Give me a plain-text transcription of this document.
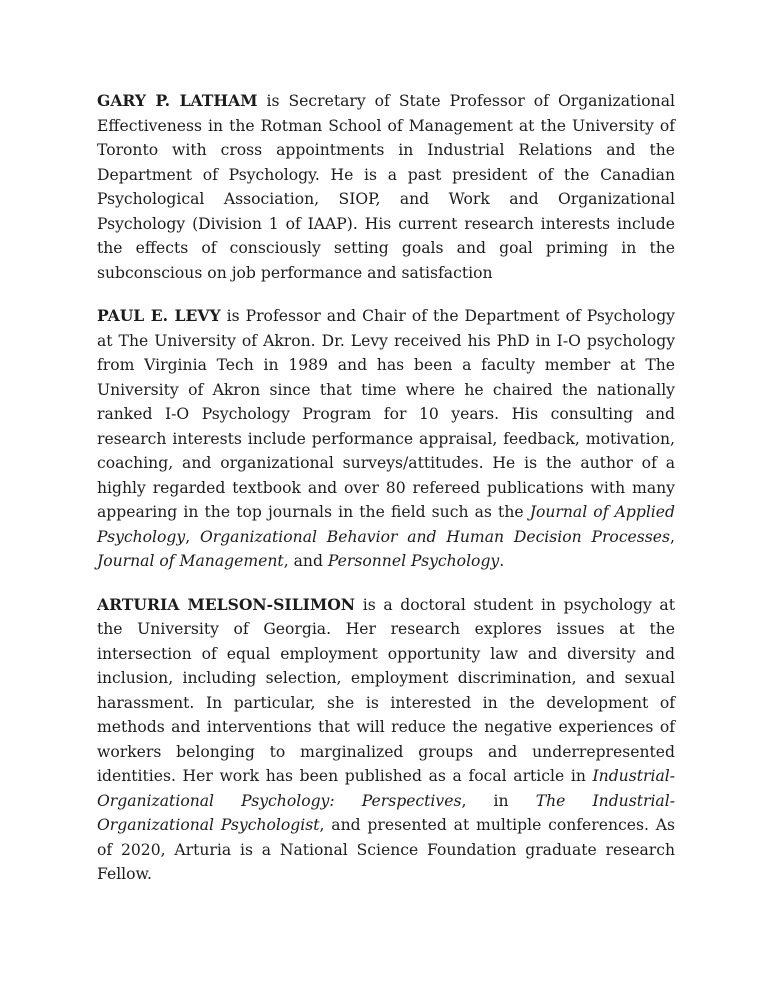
GARY P. LATHAM is Secretary of State Professor of Organizational Effectiveness in the Rotman School of Management at the University of Toronto with cross appointments in Industrial Relations and the Department of Psychology. He is a past president of the Canadian Psychological Association, SIOP, and Work and Organizational Psychology (Division 1 of IAAP). His current research interests include the effects of consciously setting goals and goal priming in the subconscious on job performance and satisfaction

PAUL E. LEVY is Professor and Chair of the Department of Psychology at The University of Akron. Dr. Levy received his PhD in I-O psychology from Virginia Tech in 1989 and has been a faculty member at The University of Akron since that time where he chaired the nationally ranked I-O Psychology Program for 10 years. His consulting and research interests include performance appraisal, feedback, motivation, coaching, and organizational surveys/attitudes. He is the author of a highly regarded textbook and over 80 refereed publications with many appearing in the top journals in the field such as the Journal of Applied Psychology, Organizational Behavior and Human Decision Processes, Journal of Management, and Personnel Psychology.

ARTURIA MELSON-SILIMON is a doctoral student in psychology at the University of Georgia. Her research explores issues at the intersection of equal employment opportunity law and diversity and inclusion, including selection, employment discrimination, and sexual harassment. In particular, she is interested in the development of methods and interventions that will reduce the negative experiences of workers belonging to marginalized groups and underrepresented identities. Her work has been published as a focal article in Industrial-Organizational Psychology: Perspectives, in The Industrial-Organizational Psychologist, and presented at multiple conferences. As of 2020, Arturia is a National Science Foundation graduate research Fellow.
